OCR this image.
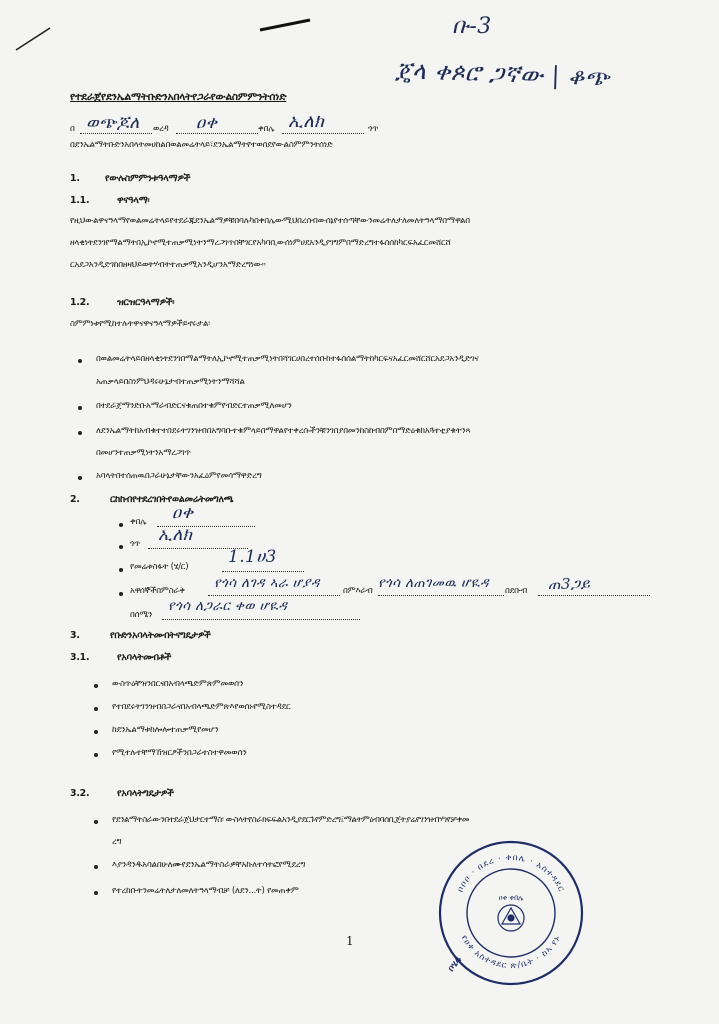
ቡ-3
ጄላ ቀጶሮ ጋኛው | ቆጭ
የተደራጀየደንኤልማትቡድንአበላትየጋራየውልስምምንትሰነድ
በ ወጭጆለ ወረዳ ዐቀ	ቀበሌ ኢለክ	ጎጥ
በደንኤልማትቡድንአበላትመሀከልበወልመሬትላይ፣ደንኤልማትየተወሰደየውልስምምንትሰነድ
1.	የውሉስምምንቱዓላማዎች
1.1.	ዋናዓላማ፡
የዚህውልዋናዓላማየወልመሬትላይየተደራጁደንኤልማዎቹበባሉካበቀበሌውሚህበረሰብውሰኔየተሰጣቸውንመሬትለታለመለትዓላማበማዋልበ
ዘላቂነትደንገየማልማትበኢኮኖሚተጠቃሚነትንማረጋገጥበቸገርየአካባቢውሰነምሀደአንዲያገግምበማድረግተፋሰሰከካርፍአፈርመሸርሸ
ርአደጋአንዲድገከበዘዛህይወትሃብትተጠቃሚአንዲሆንአማድረግነው።
1.2.	ዝርዝርዓላማዎች፡
ስምምነቱየሚከተሉትዋናዋናዓላማዎችይኖሩታል፡
በወልመሬትላይበዘላቂነትደንገበማልማትለኢኮኖሚተጠቃሚነትበሻገርሀበረተሰቡከተፋሰሰልማትከካርፍናአፈርመሸርሸርአደጋአንዲድገና
አጠቃላይበስነምህዳሩሁኔታብተጠቃሚነትንማሻሻል
በተደራጀማንድቡአማራብድርናቁጠበተቁምየብድርተጠቃሚለመሆን
ለደንኤልማትከአብቁተተበደሩትገንዝብበአግባቡተቁምላይበማዋልየተቀረሱችንቹንገበያበመንከስከብበምበማድዕቁከአጓተቲያቁትንጻ
በመሆንተጠቃሚነትንአማረጋገጥ
አባላትበተሰጠዉበጋራሁኔታቸውንአፈዕምየመሳማዋድረግ
2.	ርከከብየተደረገበትየወልመሬትመግለጫ
ቀበሌ ዐቀ
ጎጥ ኢለክ
የመሬቱስፋት (ሄ/ር) 1.1ሀ3
አዋሰኞችበምስራቅ የጎሳ ለገዳ ኣራ ሆያዳ	በምእራብ የጎሳ ለጠገመዉ ሆዪዳ በደቡብ ጠ3ጋይ
በሰሜን
የጎሳ ለጋራር ቀወ ሆዪዳ
3.	የቡድንአባላትመብትናግዴታዎች
3.1.	የአባላትመብቶች
ውስጥዕቸዝንበርናበአብላጫድምጽምመወሰን
የተበደሩትገንዝብበጋራናበአብላጫድምጽእየወሰኑየሚስተዳደር
ከደንኤልማቱከሎሎተጠቃሚየመሆን
የሚተሉተቸማኸዝርፆችንበጋራተስተዋመወሰን
3.2.	የአባላትግዴታዎች
የደንልማትስራውንበተደራጀህታርተማስ፡ ውስላትየስራክፍፍልአንዲያደርጉየምድረግ፤ማልትምዕብባሰቢጀትያሬየገንዝብሃገየቻቀመ
ረግ
እያንዳንዱአባልበሁለሙየደንኤልማትስራዎቸአኩለተሳትፎየሚደረግ
የተረከቡትንመሬትለታለመለትዓላማብቻ (ለደን...ት) የመጠቀም	ቦቦቦ · በደረ · ቀበሌ · አስተዳደር
የዐቀ አስተዳደር ጽ/ቤት · ስኣ የኑ
ዐቀ ቀበሌ
ቦሄ4
1
